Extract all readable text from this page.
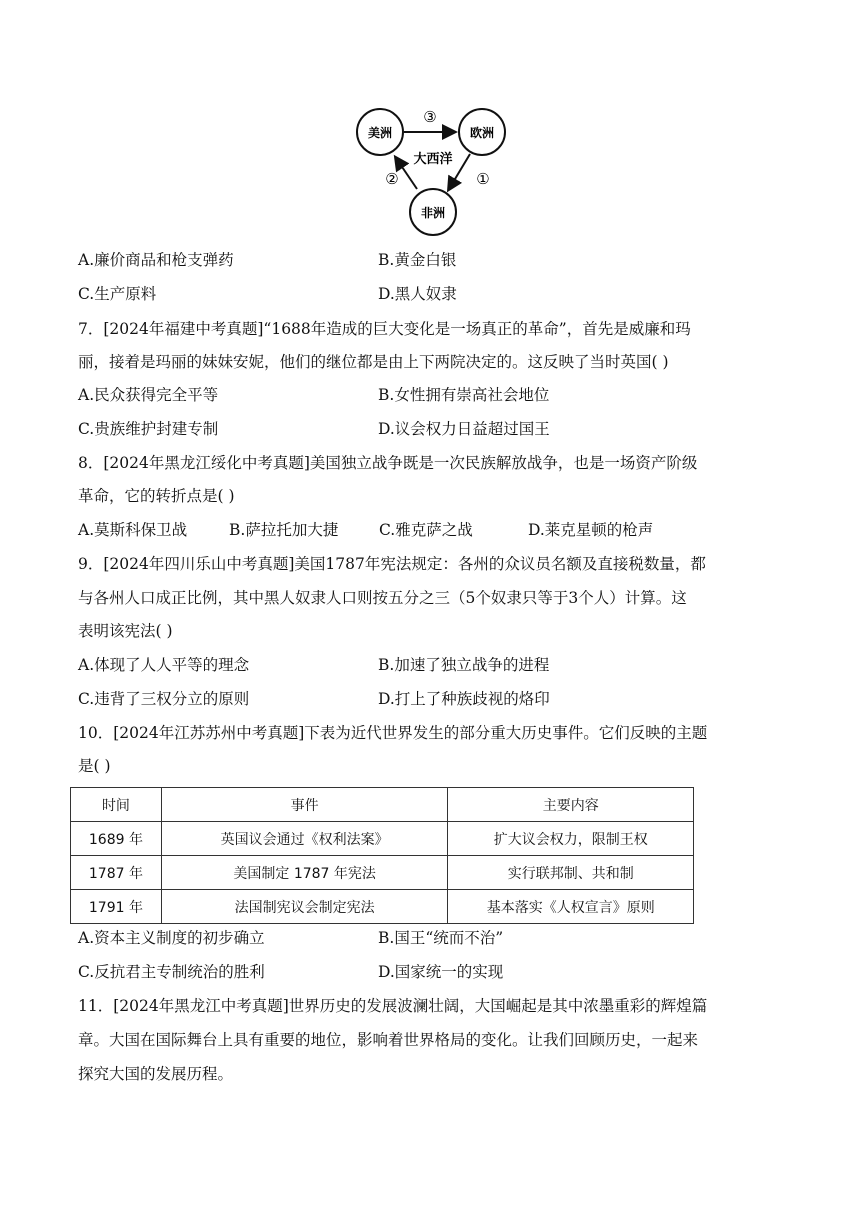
美洲	欧洲
非洲
大西洋
③
①
②
A.廉价商品和枪支弹药	B.黄金白银
C.生产原料	D.黑人奴隶
7．[2024年福建中考真题]“1688年造成的巨大变化是一场真正的革命”，首先是威廉和玛
丽，接着是玛丽的妹妹安妮，他们的继位都是由上下两院决定的。这反映了当时英国( )
A.民众获得完全平等	B.女性拥有崇高社会地位
C.贵族维护封建专制	D.议会权力日益超过国王
8．[2024年黑龙江绥化中考真题]美国独立战争既是一次民族解放战争，也是一场资产阶级
革命，它的转折点是( )
A.莫斯科保卫战	B.萨拉托加大捷	C.雅克萨之战	D.莱克星顿的枪声
9．[2024年四川乐山中考真题]美国1787年宪法规定：各州的众议员名额及直接税数量，都
与各州人口成正比例，其中黑人奴隶人口则按五分之三（5个奴隶只等于3个人）计算。这
表明该宪法( )
A.体现了人人平等的理念	B.加速了独立战争的进程
C.违背了三权分立的原则	D.打上了种族歧视的烙印
10．[2024年江苏苏州中考真题]下表为近代世界发生的部分重大历史事件。它们反映的主题
是( )
时间	事件	主要内容
1689 年	英国议会通过《权利法案》	扩大议会权力，限制王权
1787 年	美国制定 1787 年宪法	实行联邦制、共和制
1791 年	法国制宪议会制定宪法	基本落实《人权宣言》原则
A.资本主义制度的初步确立	B.国王“统而不治”
C.反抗君主专制统治的胜利	D.国家统一的实现
11．[2024年黑龙江中考真题]世界历史的发展波澜壮阔，大国崛起是其中浓墨重彩的辉煌篇
章。大国在国际舞台上具有重要的地位，影响着世界格局的变化。让我们回顾历史，一起来
探究大国的发展历程。
